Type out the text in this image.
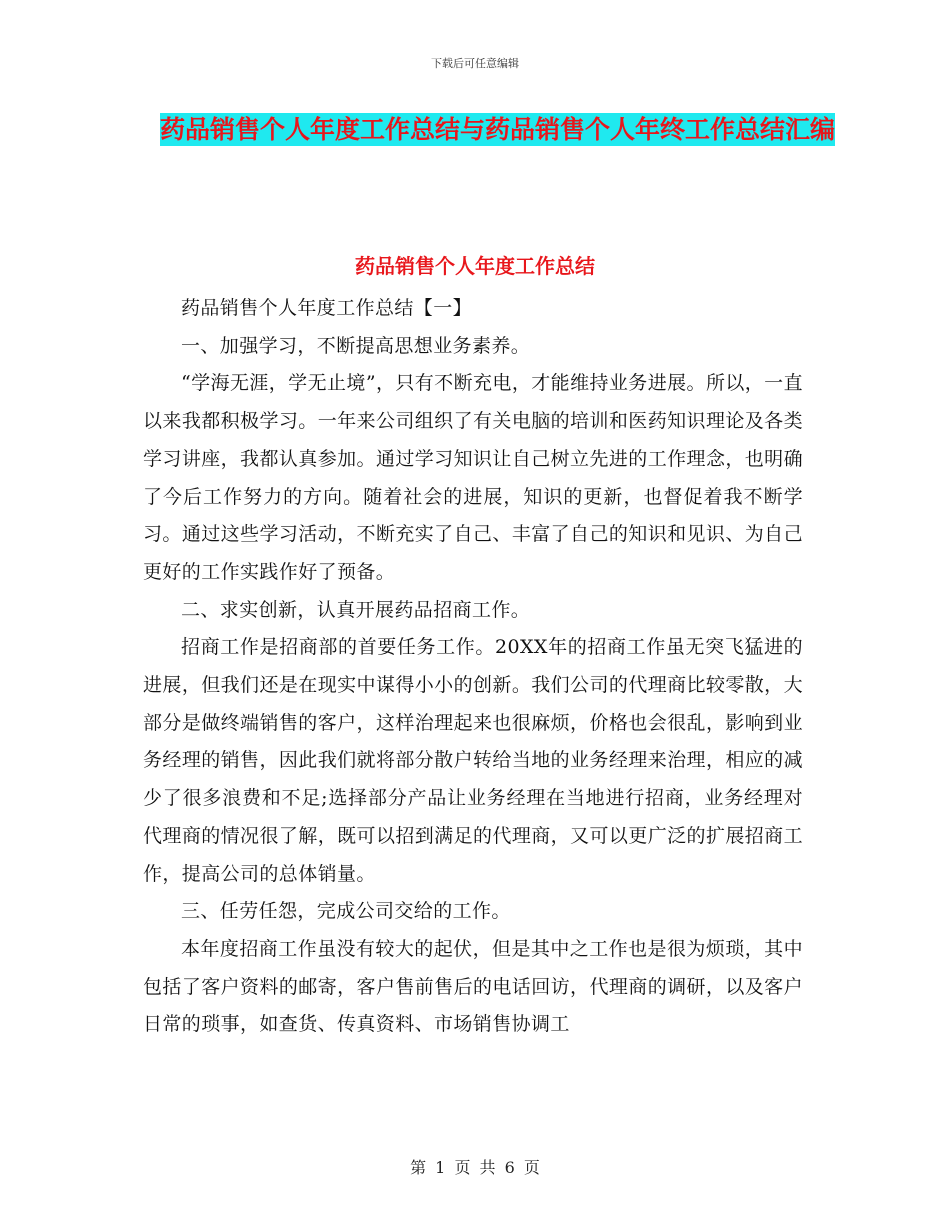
下载后可任意编辑
药品销售个人年度工作总结与药品销售个人年终工作总结汇编
药品销售个人年度工作总结

药品销售个人年度工作总结【一】

一、加强学习，不断提高思想业务素养。

“学海无涯，学无止境”，只有不断充电，才能维持业务进展。所以，一直以来我都积极学习。一年来公司组织了有关电脑的培训和医药知识理论及各类学习讲座，我都认真参加。通过学习知识让自己树立先进的工作理念，也明确了今后工作努力的方向。随着社会的进展，知识的更新，也督促着我不断学习。通过这些学习活动，不断充实了自己、丰富了自己的知识和见识、为自己更好的工作实践作好了预备。

二、求实创新，认真开展药品招商工作。

招商工作是招商部的首要任务工作。20XX年的招商工作虽无突飞猛进的进展，但我们还是在现实中谋得小小的创新。我们公司的代理商比较零散，大部分是做终端销售的客户，这样治理起来也很麻烦，价格也会很乱，影响到业务经理的销售，因此我们就将部分散户转给当地的业务经理来治理，相应的减少了很多浪费和不足;选择部分产品让业务经理在当地进行招商，业务经理对代理商的情况很了解，既可以招到满足的代理商，又可以更广泛的扩展招商工作，提高公司的总体销量。

三、任劳任怨，完成公司交给的工作。

本年度招商工作虽没有较大的起伏，但是其中之工作也是很为烦琐，其中包括了客户资料的邮寄，客户售前售后的电话回访，代理商的调研，以及客户日常的琐事，如查货、传真资料、市场销售协调工

第 1 页 共 6 页
